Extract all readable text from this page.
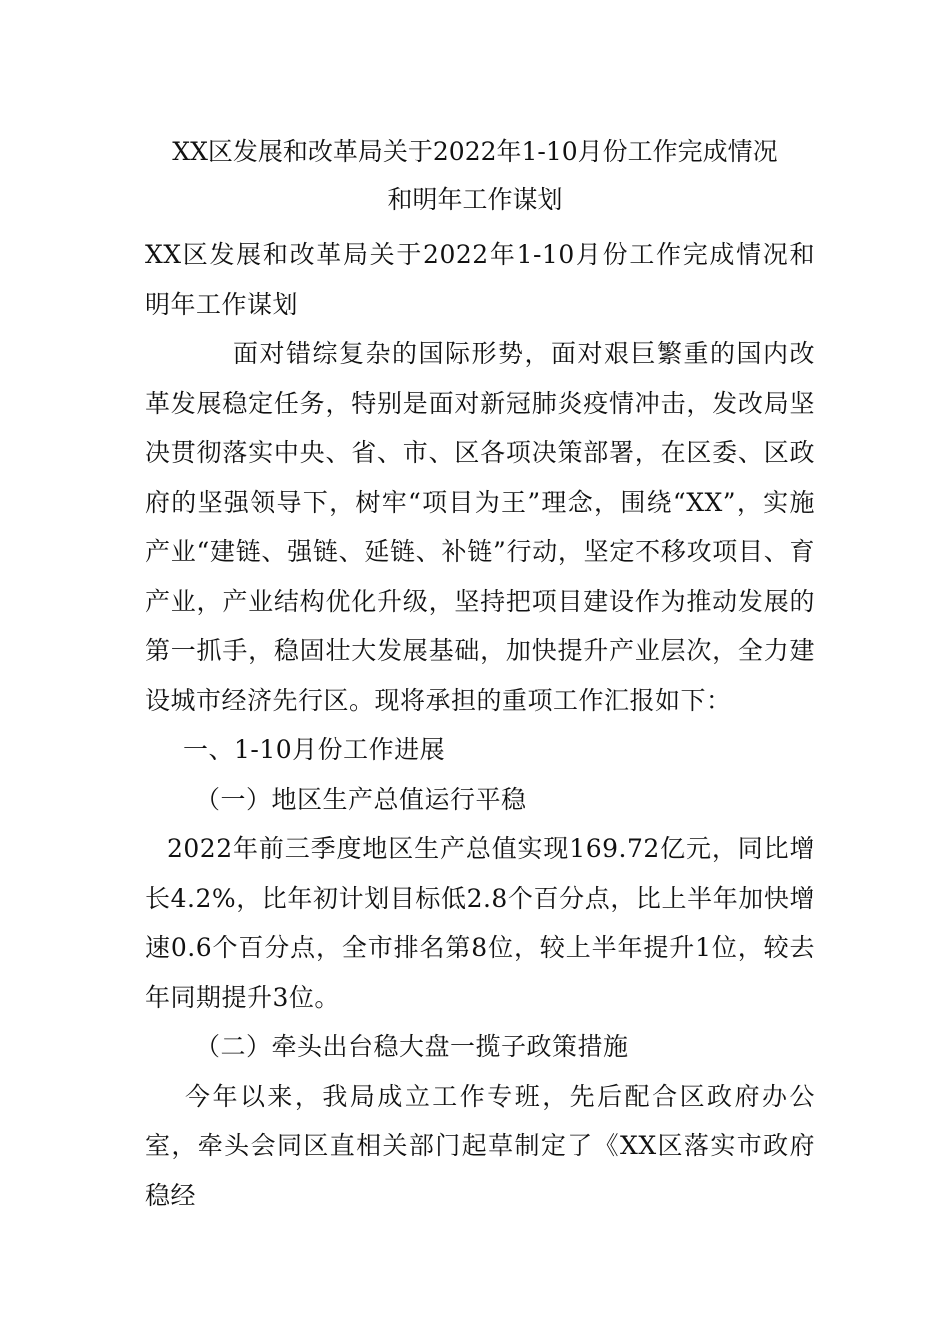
XX区发展和改革局关于2022年1-10月份工作完成情况
和明年工作谋划

XX区发展和改革局关于2022年1-10月份工作完成情况和明年工作谋划

面对错综复杂的国际形势，面对艰巨繁重的国内改革发展稳定任务，特别是面对新冠肺炎疫情冲击，发改局坚决贯彻落实中央、省、市、区各项决策部署，在区委、区政府的坚强领导下，树牢“项目为王”理念，围绕“XX”，实施产业“建链、强链、延链、补链”行动，坚定不移攻项目、育产业，产业结构优化升级，坚持把项目建设作为推动发展的第一抓手，稳固壮大发展基础，加快提升产业层次，全力建设城市经济先行区。现将承担的重项工作汇报如下：

一、1-10月份工作进展

（一）地区生产总值运行平稳

2022年前三季度地区生产总值实现169.72亿元，同比增长4.2%，比年初计划目标低2.8个百分点，比上半年加快增速0.6个百分点，全市排名第8位，较上半年提升1位，较去年同期提升3位。

（二）牵头出台稳大盘一揽子政策措施

今年以来，我局成立工作专班，先后配合区政府办公室，牵头会同区直相关部门起草制定了《XX区落实市政府稳经
